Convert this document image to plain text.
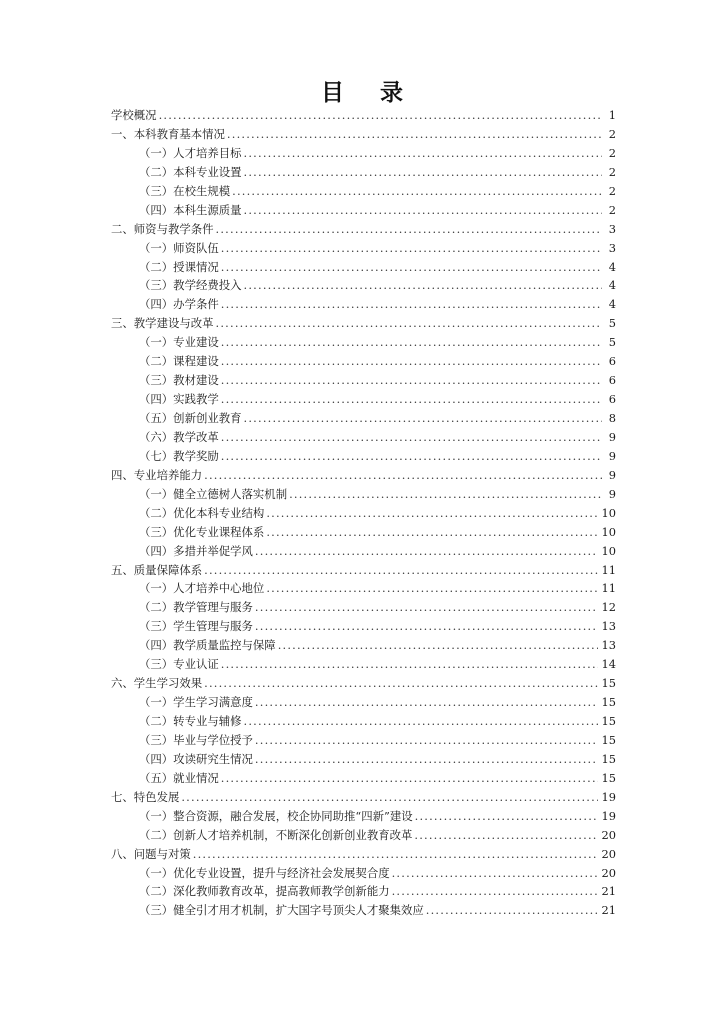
目 录
学校概况 .....	1
一、本科教育基本情况 .....	2
（一）人才培养目标 .....	2
（二）本科专业设置 .....	2
（三）在校生规模 .....	2
（四）本科生源质量 .....	2
二、师资与教学条件 .....	3
（一）师资队伍 .....	3
（二）授课情况 .....	4
（三）教学经费投入 .....	4
（四）办学条件 .....	4
三、教学建设与改革 .....	5
（一）专业建设 .....	5
（二）课程建设 .....	6
（三）教材建设 .....	6
（四）实践教学 .....	6
（五）创新创业教育 .....	8
（六）教学改革 .....	9
（七）教学奖励 .....	9
四、专业培养能力 .....	9
（一）健全立德树人落实机制 .....	9
（二）优化本科专业结构 .....	10
（三）优化专业课程体系 .....	10
（四）多措并举促学风 .....	10
五、质量保障体系 .....	11
（一）人才培养中心地位 .....	11
（二）教学管理与服务 .....	12
（三）学生管理与服务 .....	13
（四）教学质量监控与保障 .....	13
（三）专业认证 .....	14
六、学生学习效果 .....	15
（一）学生学习满意度 .....	15
（二）转专业与辅修 .....	15
（三）毕业与学位授予 .....	15
（四）攻读研究生情况 .....	15
（五）就业情况 .....	15
七、特色发展 .....	19
（一）整合资源，融合发展，校企协同助推“四新”建设 .....	19
（二）创新人才培养机制，不断深化创新创业教育改革 .....	20
八、问题与对策 .....	20
（一）优化专业设置，提升与经济社会发展契合度 .....	20
（二）深化教师教育改革，提高教师教学创新能力 .....	21
（三）健全引才用才机制，扩大国字号顶尖人才聚集效应 .....	21
